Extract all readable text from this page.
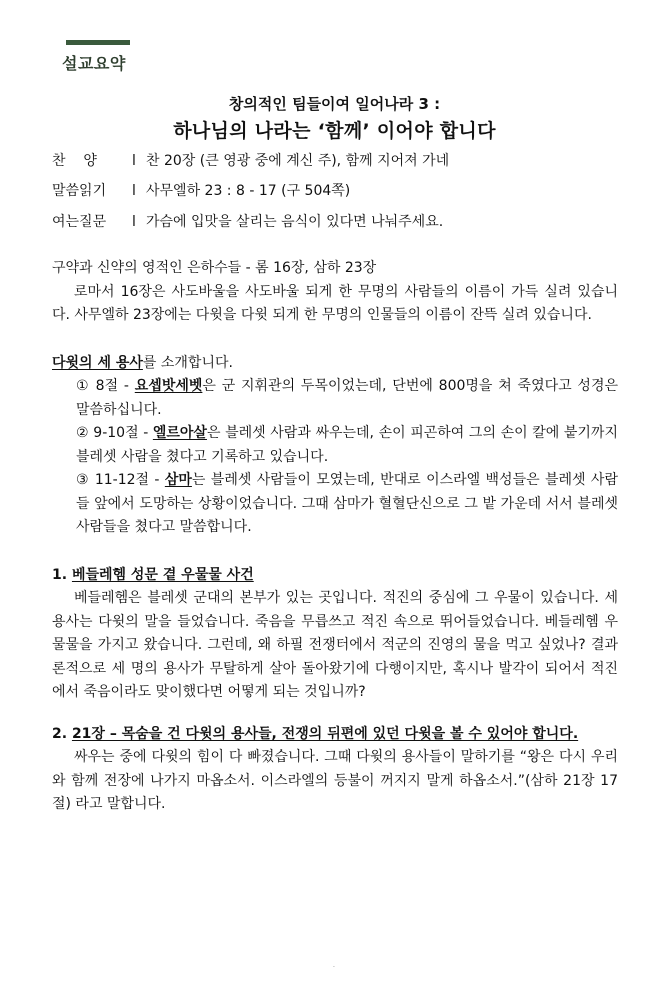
설교요약
창의적인 팀들이여 일어나라 3 :
하나님의 나라는 ‘함께’ 이어야 합니다
찬    양	l 찬 20장 (큰 영광 중에 계신 주), 함께 지어져 가네
말씀읽기 l 사무엘하 23 : 8 - 17 (구 504쪽)
여는질문 l 가슴에 입맛을 살리는 음식이 있다면 나눠주세요.

구약과 신약의 영적인 은하수들 - 롬 16장, 삼하 23장

로마서 16장은 사도바울을 사도바울 되게 한 무명의 사람들의 이름이 가득 실려 있습니다. 사무엘하 23장에는 다윗을 다윗 되게 한 무명의 인물들의 이름이 잔뜩 실려 있습니다.

다윗의 세 용사를 소개합니다.

① 8절 - 요셉밧세벳은 군 지휘관의 두목이었는데, 단번에 800명을 쳐 죽였다고 성경은 말씀하십니다.

② 9-10절 - 엘르아살은 블레셋 사람과 싸우는데, 손이 피곤하여 그의 손이 칼에 붙기까지 블레셋 사람을 쳤다고 기록하고 있습니다.

③ 11-12절 - 삼마는 블레셋 사람들이 모였는데, 반대로 이스라엘 백성들은 블레셋 사람들 앞에서 도망하는 상황이었습니다. 그때 삼마가 혈혈단신으로 그 밭 가운데 서서 블레셋 사람들을 쳤다고 말씀합니다.

1. 베들레헴 성문 곁 우물물 사건

베들레헴은 블레셋 군대의 본부가 있는 곳입니다. 적진의 중심에 그 우물이 있습니다. 세 용사는 다윗의 말을 들었습니다. 죽음을 무릅쓰고 적진 속으로 뛰어들었습니다. 베들레헴 우물물을 가지고 왔습니다. 그런데, 왜 하필 전쟁터에서 적군의 진영의 물을 먹고 싶었나? 결과론적으로 세 명의 용사가 무탈하게 살아 돌아왔기에 다행이지만, 혹시나 발각이 되어서 적진에서 죽음이라도 맞이했다면 어떻게 되는 것입니까?

2. 21장 – 목숨을 건 다윗의 용사들, 전쟁의 뒤편에 있던 다윗을 볼 수 있어야 합니다.

싸우는 중에 다윗의 힘이 다 빠졌습니다. 그때 다윗의 용사들이 말하기를 “왕은 다시 우리와 함께 전장에 나가지 마옵소서. 이스라엘의 등불이 꺼지지 말게 하옵소서.”(삼하 21장 17절) 라고 말합니다.

.
